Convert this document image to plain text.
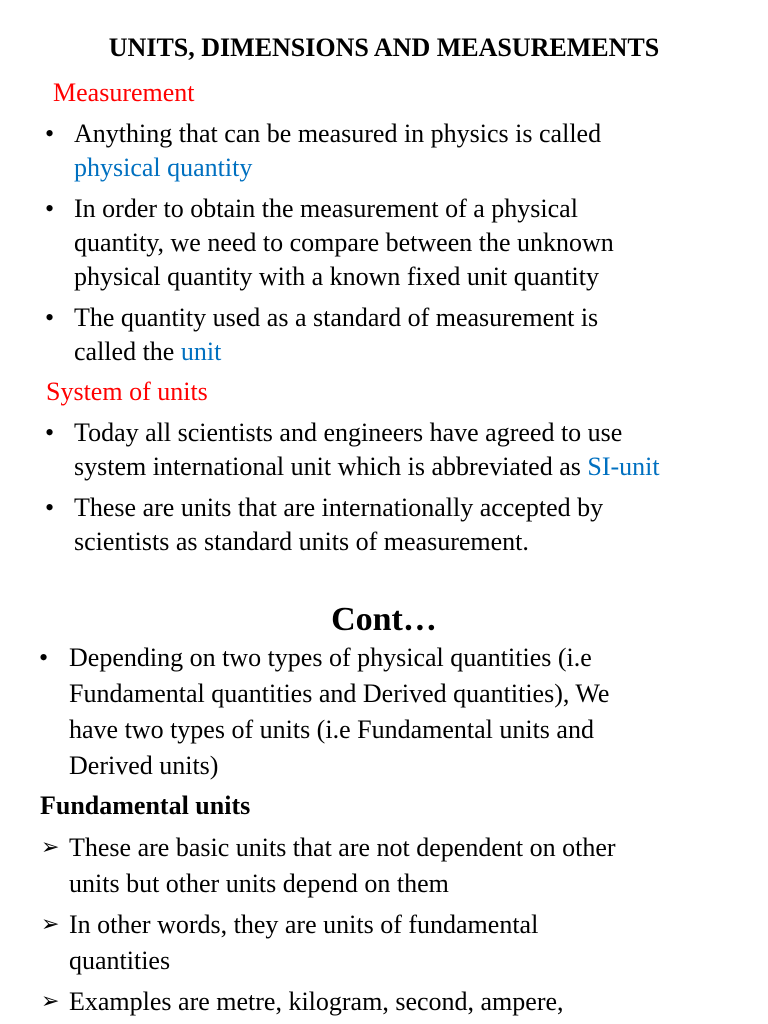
UNITS, DIMENSIONS AND MEASUREMENTS
Measurement
• Anything that can be measured in physics is called
physical quantity
• In order to obtain the measurement of a physical
quantity, we need to compare between the unknown
physical quantity with a known fixed unit quantity
• The quantity used as a standard of measurement is
called the unit
System of units
• Today all scientists and engineers have agreed to use
system international unit which is abbreviated as SI-unit
• These are units that are internationally accepted by
scientists as standard units of measurement.
Cont…
• Depending on two types of physical quantities (i.e
Fundamental quantities and Derived quantities), We
have two types of units (i.e Fundamental units and
Derived units)
Fundamental units
➢ These are basic units that are not dependent on other
units but other units depend on them
➢ In other words, they are units of fundamental
quantities
➢ Examples are metre, kilogram, second, ampere,
